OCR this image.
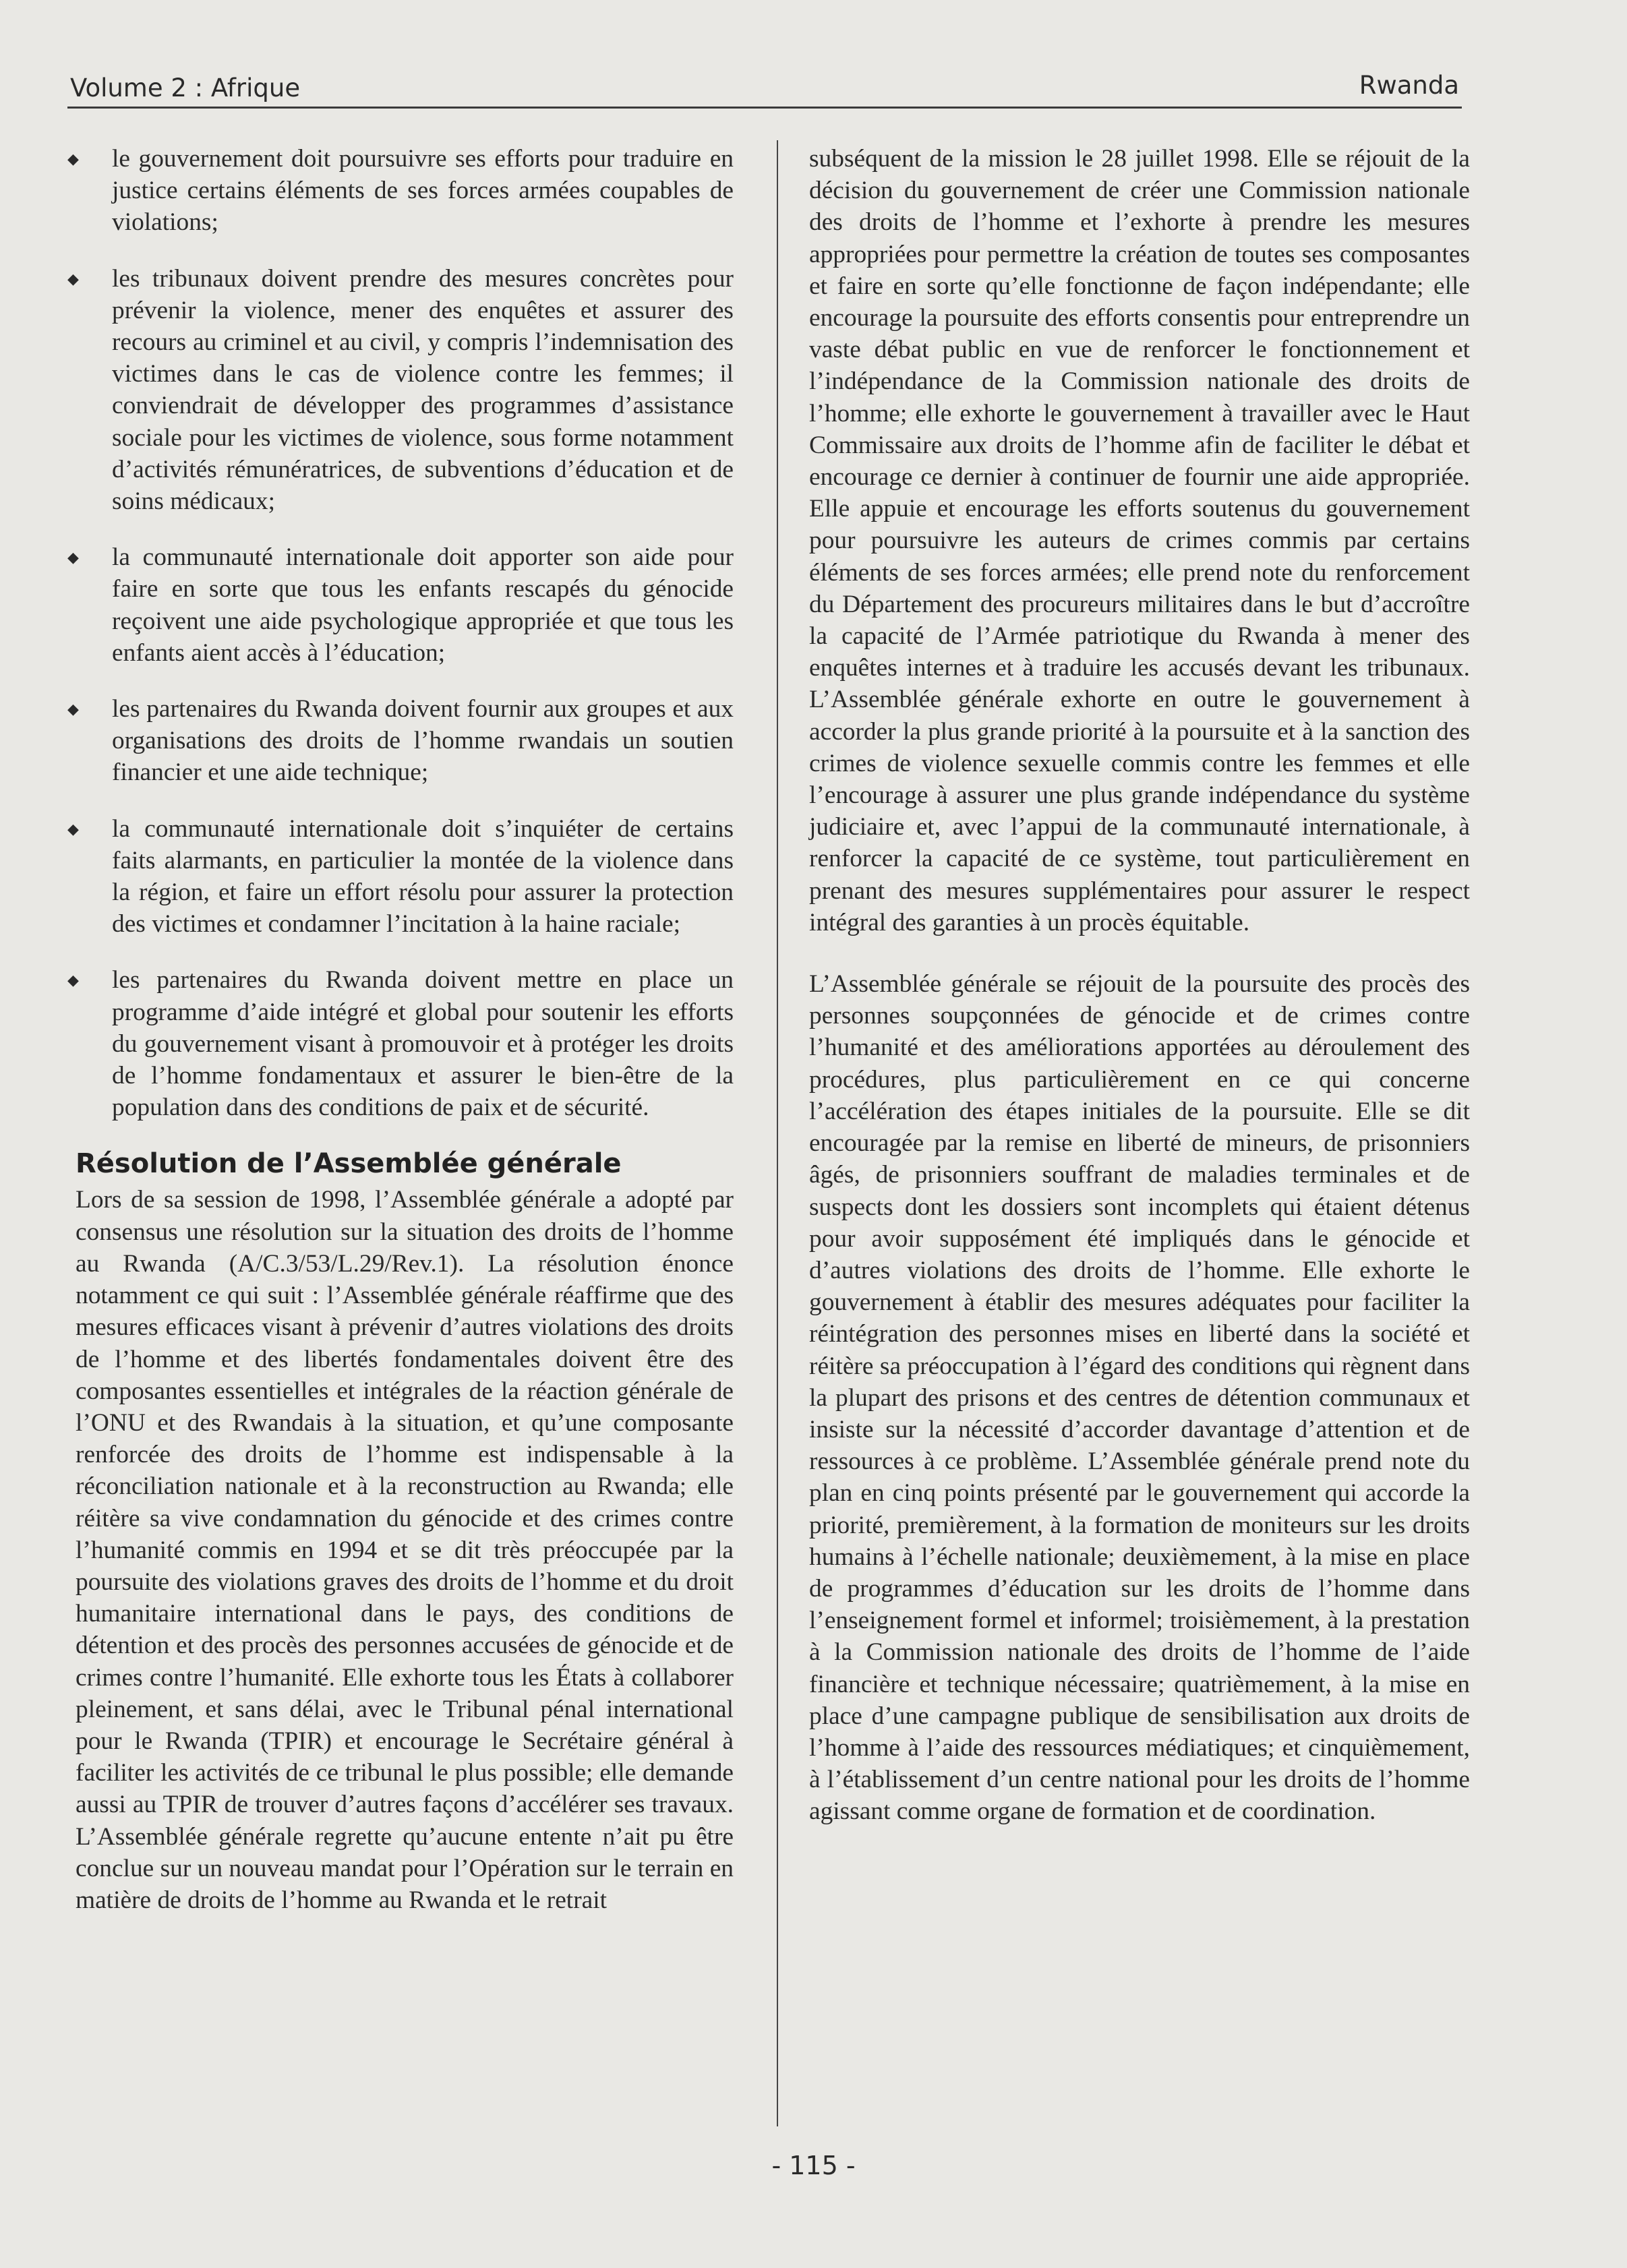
Volume 2 : Afrique	Rwanda
◆ le gouvernement doit poursuivre ses efforts pour traduire en justice certains éléments de ses forces armées coupables de violations;
◆ les tribunaux doivent prendre des mesures concrètes pour prévenir la violence, mener des enquêtes et assurer des recours au criminel et au civil, y compris l’indemnisation des victimes dans le cas de violence contre les femmes; il conviendrait de développer des programmes d’assistance sociale pour les victimes de violence, sous forme notamment d’activités rémunératrices, de subventions d’éducation et de soins médicaux;
◆ la communauté internationale doit apporter son aide pour faire en sorte que tous les enfants rescapés du génocide reçoivent une aide psychologique appropriée et que tous les enfants aient accès à l’éducation;
◆ les partenaires du Rwanda doivent fournir aux groupes et aux organisations des droits de l’homme rwandais un soutien financier et une aide technique;
◆ la communauté internationale doit s’inquiéter de certains faits alarmants, en particulier la montée de la violence dans la région, et faire un effort résolu pour assurer la protection des victimes et condamner l’incitation à la haine raciale;
◆ les partenaires du Rwanda doivent mettre en place un programme d’aide intégré et global pour soutenir les efforts du gouvernement visant à promouvoir et à protéger les droits de l’homme fondamentaux et assurer le bien-être de la population dans des conditions de paix et de sécurité.
Résolution de l’Assemblée générale

Lors de sa session de 1998, l’Assemblée générale a adopté par consensus une résolution sur la situation des droits de l’homme au Rwanda (A/C.3/53/L.29/Rev.1). La résolution énonce notamment ce qui suit : l’Assemblée générale réaffirme que des mesures efficaces visant à prévenir d’autres violations des droits de l’homme et des libertés fondamentales doivent être des composantes essentielles et intégrales de la réaction générale de l’ONU et des Rwandais à la situation, et qu’une composante renforcée des droits de l’homme est indispensable à la réconciliation nationale et à la reconstruction au Rwanda; elle réitère sa vive condamnation du génocide et des crimes contre l’humanité commis en 1994 et se dit très préoccupée par la poursuite des violations graves des droits de l’homme et du droit humanitaire international dans le pays, des conditions de détention et des procès des personnes accusées de génocide et de crimes contre l’humanité. Elle exhorte tous les États à collaborer pleinement, et sans délai, avec le Tribunal pénal international pour le Rwanda (TPIR) et encourage le Secrétaire général à faciliter les activités de ce tribunal le plus possible; elle demande aussi au TPIR de trouver d’autres façons d’accélérer ses travaux. L’Assemblée générale regrette qu’aucune entente n’ait pu être conclue sur un nouveau mandat pour l’Opération sur le terrain en matière de droits de l’homme au Rwanda et le retrait

subséquent de la mission le 28 juillet 1998. Elle se réjouit de la décision du gouvernement de créer une Commission nationale des droits de l’homme et l’exhorte à prendre les mesures appropriées pour permettre la création de toutes ses composantes et faire en sorte qu’elle fonctionne de façon indépendante; elle encourage la poursuite des efforts consentis pour entreprendre un vaste débat public en vue de renforcer le fonctionnement et l’indépendance de la Commission nationale des droits de l’homme; elle exhorte le gouvernement à travailler avec le Haut Commissaire aux droits de l’homme afin de faciliter le débat et encourage ce dernier à continuer de fournir une aide appropriée. Elle appuie et encourage les efforts soutenus du gouvernement pour poursuivre les auteurs de crimes commis par certains éléments de ses forces armées; elle prend note du renforcement du Département des procureurs militaires dans le but d’accroître la capacité de l’Armée patriotique du Rwanda à mener des enquêtes internes et à traduire les accusés devant les tribunaux. L’Assemblée générale exhorte en outre le gouvernement à accorder la plus grande priorité à la poursuite et à la sanction des crimes de violence sexuelle commis contre les femmes et elle l’encourage à assurer une plus grande indépendance du système judiciaire et, avec l’appui de la communauté internationale, à renforcer la capacité de ce système, tout particulièrement en prenant des mesures supplémentaires pour assurer le respect intégral des garanties à un procès équitable.

L’Assemblée générale se réjouit de la poursuite des procès des personnes soupçonnées de génocide et de crimes contre l’humanité et des améliorations apportées au déroulement des procédures, plus particulièrement en ce qui concerne l’accélération des étapes initiales de la poursuite. Elle se dit encouragée par la remise en liberté de mineurs, de prisonniers âgés, de prisonniers souffrant de maladies terminales et de suspects dont les dossiers sont incomplets qui étaient détenus pour avoir supposément été impliqués dans le génocide et d’autres violations des droits de l’homme. Elle exhorte le gouvernement à établir des mesures adéquates pour faciliter la réintégration des personnes mises en liberté dans la société et réitère sa préoccupation à l’égard des conditions qui règnent dans la plupart des prisons et des centres de détention communaux et insiste sur la nécessité d’accorder davantage d’attention et de ressources à ce problème. L’Assemblée générale prend note du plan en cinq points présenté par le gouvernement qui accorde la priorité, premièrement, à la formation de moniteurs sur les droits humains à l’échelle nationale; deuxièmement, à la mise en place de programmes d’éducation sur les droits de l’homme dans l’enseignement formel et informel; troisièmement, à la prestation à la Commission nationale des droits de l’homme de l’aide financière et technique nécessaire; quatrièmement, à la mise en place d’une campagne publique de sensibilisation aux droits de l’homme à l’aide des ressources médiatiques; et cinquièmement, à l’établissement d’un centre national pour les droits de l’homme agissant comme organe de formation et de coordination.

- 115 -
